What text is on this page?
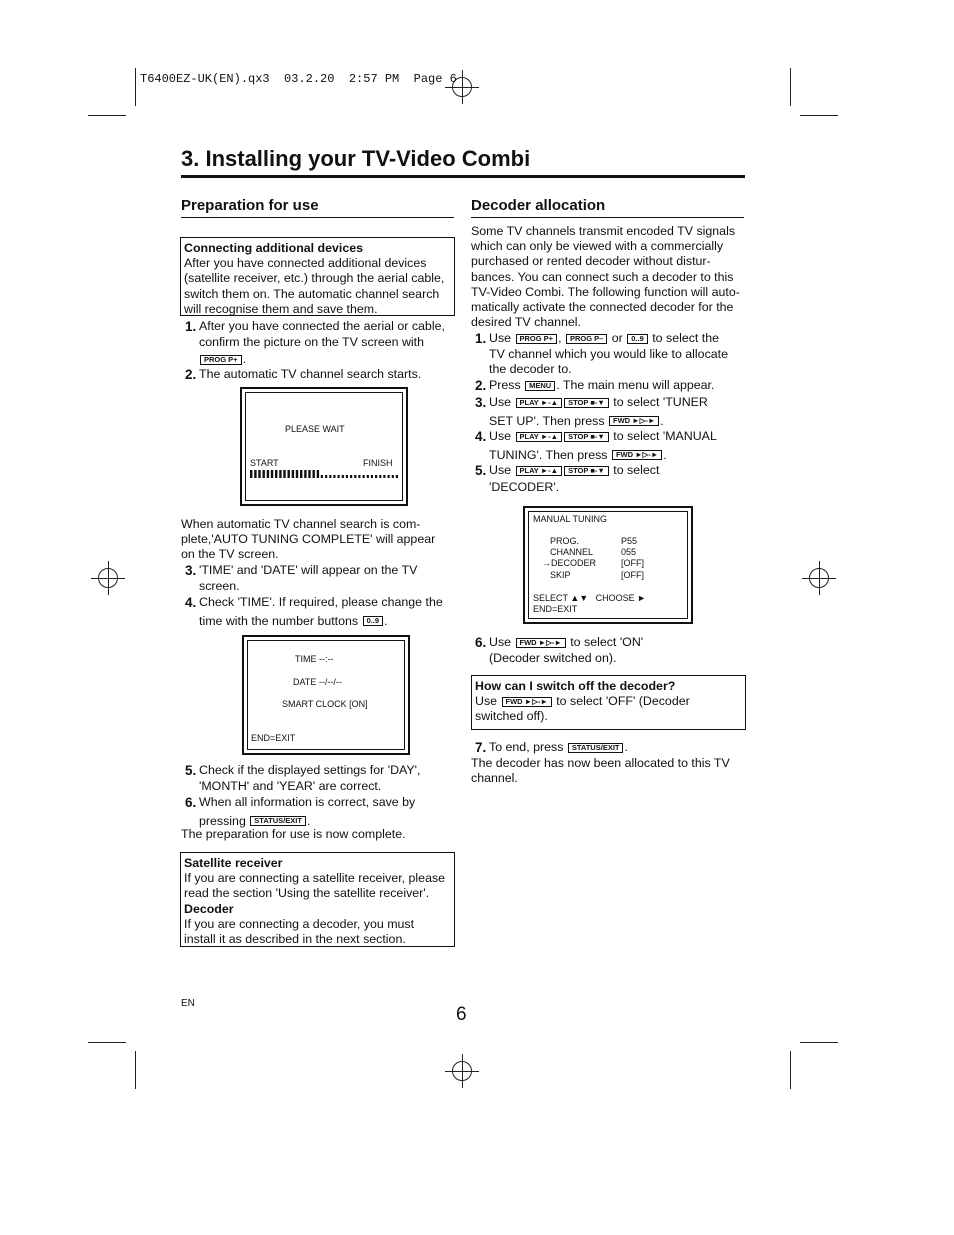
T6400EZ-UK(EN).qx3  03.2.20  2:57 PM  Page 6
3. Installing your TV-Video Combi
Preparation for use
Connecting additional devices
After you have connected additional devices
(satellite receiver, etc.) through the aerial cable,
switch them on. The automatic channel search
will recognise them and save them.
1. After you have connected the aerial or cable,
confirm the picture on the TV screen with
PROG P+ .
2. The automatic TV channel search starts.
PLEASE WAIT
START	FINISH
When automatic TV channel search is com-
plete,'AUTO TUNING COMPLETE' will appear
on the TV screen.
3. 'TIME' and 'DATE' will appear on the TV
screen.
4. Check 'TIME'. If required, please change the
time with the number buttons 0..9 .
TIME --:--
DATE --/--/--
SMART CLOCK [ON]
END=EXIT
5. Check if the displayed settings for 'DAY',
'MONTH' and 'YEAR' are correct.
6. When all information is correct, save by
pressing STATUS/EXIT .
The preparation for use is now complete.
Satellite receiver
If you are connecting a satellite receiver, please
read the section 'Using the satellite receiver'.
Decoder
If you are connecting a decoder, you must
install it as described in the next section.
EN
6
Decoder allocation
Some TV channels transmit encoded TV signals
which can only be viewed with a commercially
purchased or rented decoder without distur-
bances. You can connect such a decoder to this
TV-Video Combi. The following function will auto-
matically activate the connected decoder for the
desired TV channel.
1. Use PROG P+ , PROG P– or 0..9 to select the
TV channel which you would like to allocate
the decoder to.
2. Press MENU . The main menu will appear.
3. Use PLAY ►-▲ STOP ■-▼ to select 'TUNER
SET UP'. Then press FWD ►▷-► .
4. Use PLAY ►-▲ STOP ■-▼ to select 'MANUAL
TUNING'. Then press FWD ►▷-► .
5. Use PLAY ►-▲ STOP ■-▼ to select
'DECODER'.
MANUAL TUNING
PROG.	P55
CHANNEL	055
→DECODER	[OFF]
SKIP	[OFF]
SELECT ▲▼   CHOOSE ►
END=EXIT
6. Use FWD ►▷-► to select 'ON'
(Decoder switched on).
How can I switch off the decoder?
Use FWD ►▷-► to select 'OFF' (Decoder
switched off).
7. To end, press STATUS/EXIT .
The decoder has now been allocated to this TV
channel.
